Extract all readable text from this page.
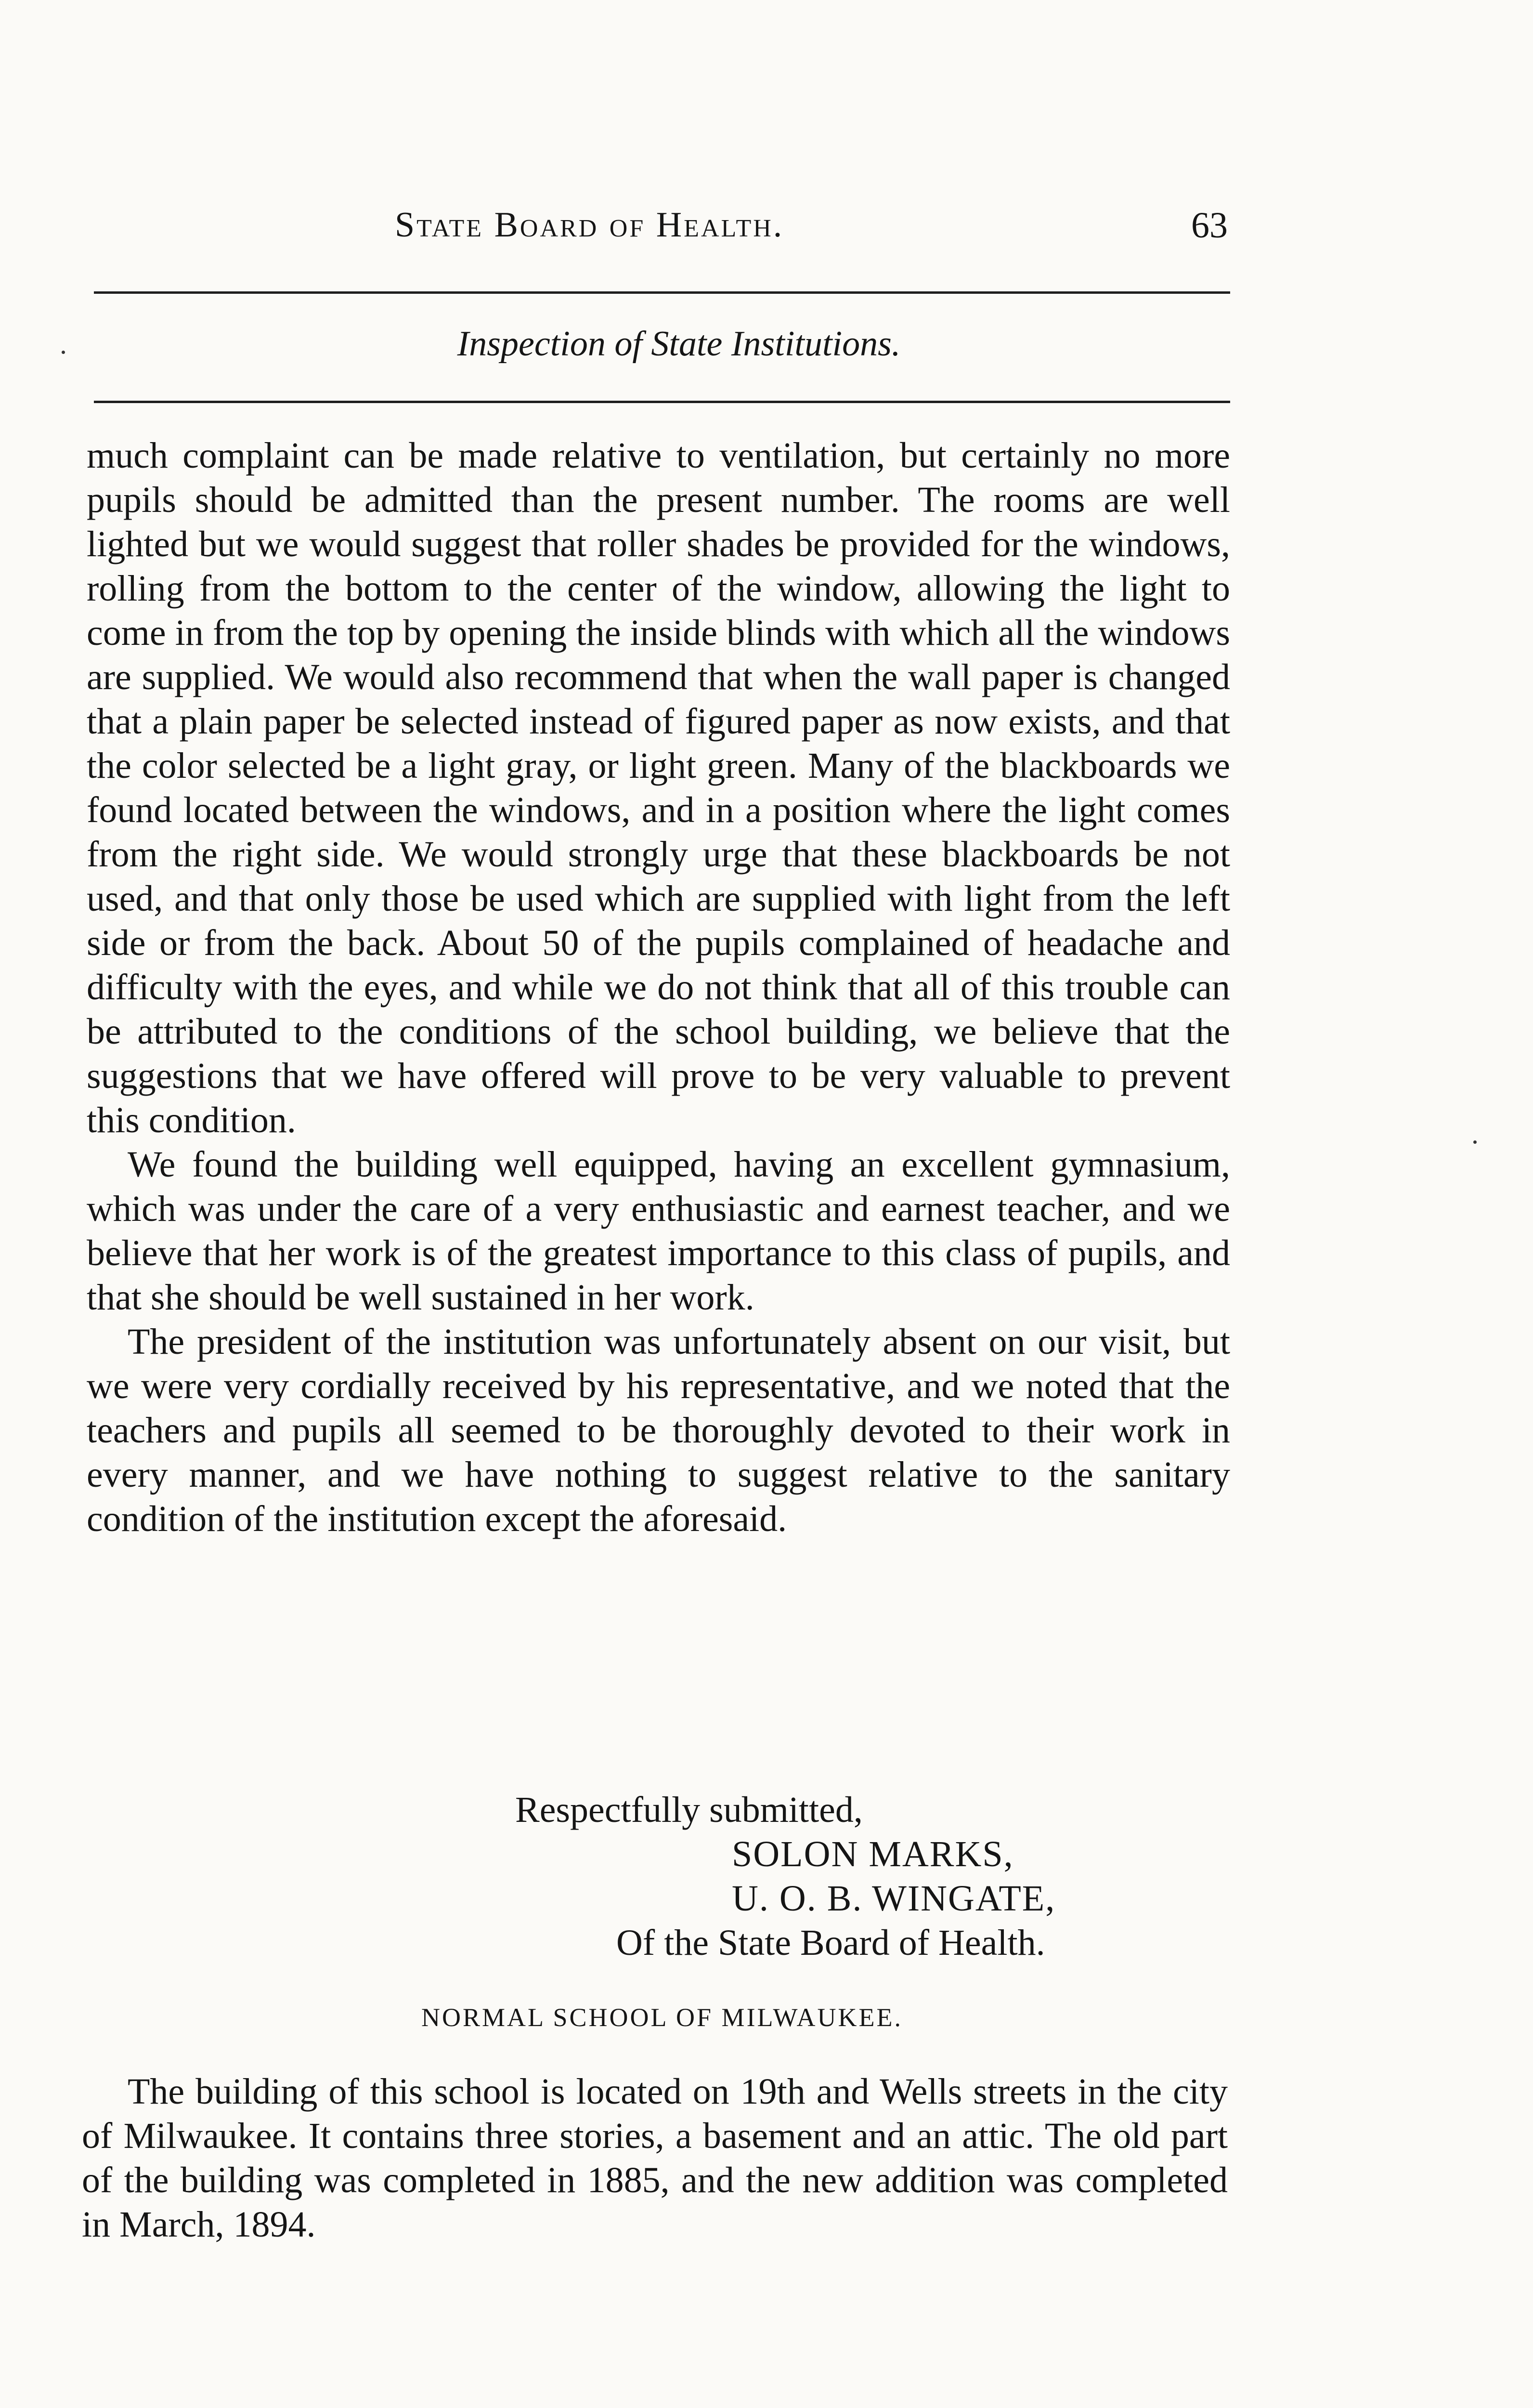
State Board of Health.	63
Inspection of State Institutions.

much complaint can be made relative to ventilation, but certainly no more pupils should be admitted than the present number. The rooms are well lighted but we would suggest that roller shades be provided for the windows, rolling from the bottom to the center of the window, allowing the light to come in from the top by opening the inside blinds with which all the windows are supplied. We would also recommend that when the wall paper is changed that a plain paper be selected instead of figured paper as now exists, and that the color selected be a light gray, or light green. Many of the blackboards we found located between the windows, and in a position where the light comes from the right side. We would strongly urge that these blackboards be not used, and that only those be used which are supplied with light from the left side or from the back. About 50 of the pupils complained of headache and difficulty with the eyes, and while we do not think that all of this trouble can be attributed to the conditions of the school building, we believe that the suggestions that we have offered will prove to be very valuable to prevent this condition.

We found the building well equipped, having an excellent gymnasium, which was under the care of a very enthusiastic and earnest teacher, and we believe that her work is of the greatest importance to this class of pupils, and that she should be well sustained in her work.

The president of the institution was unfortunately absent on our visit, but we were very cordially received by his representative, and we noted that the teachers and pupils all seemed to be thoroughly devoted to their work in every manner, and we have nothing to suggest relative to the sanitary condition of the institution except the aforesaid.

Respectfully submitted,
SOLON MARKS,
U. O. B. WINGATE,
Of the State Board of Health.
NORMAL SCHOOL OF MILWAUKEE.

The building of this school is located on 19th and Wells streets in the city of Milwaukee. It contains three stories, a basement and an attic. The old part of the building was completed in 1885, and the new addition was completed in March, 1894.
